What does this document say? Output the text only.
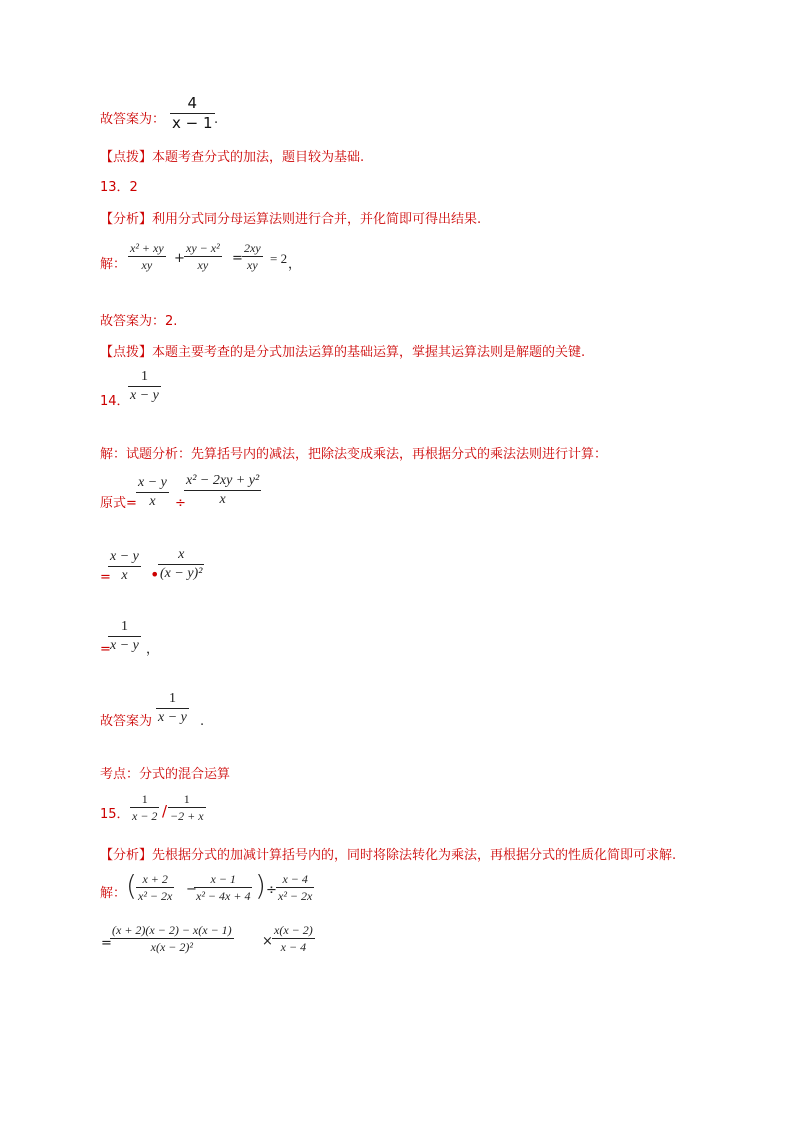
故答案为：
4
x − 1 .
【点拨】本题考查分式的加法，题目较为基础.
13．2
【分析】利用分式同分母运算法则进行合并，并化简即可得出结果.
解：
x² + xy
xy	+
xy − x²
xy	=
2xy
xy = 2 ，
故答案为：2.
【点拨】本题主要考查的是分式加法运算的基础运算，掌握其运算法则是解题的关键.
14．
1
x − y
解：试题分析：先算括号内的减法，把除法变成乘法，再根据分式的乘法法则进行计算：
原式=
x − y
x	÷
x² − 2xy + y²
x
=
x − y
x	•
x
(x − y)²
=
1
x − y ，
故答案为
1
x − y .
考点：分式的混合运算
15．
1
x − 2 /
1
−2 + x
【分析】先根据分式的加减计算括号内的，同时将除法转化为乘法，再根据分式的性质化简即可求解.
解： ( x + 2
x² − 2x −
x − 1
x² − 4x + 4 ) ÷
x − 4
x² − 2x
=
(x + 2)(x − 2) − x(x − 1)
x(x − 2)²	×
x(x − 2)
x − 4
